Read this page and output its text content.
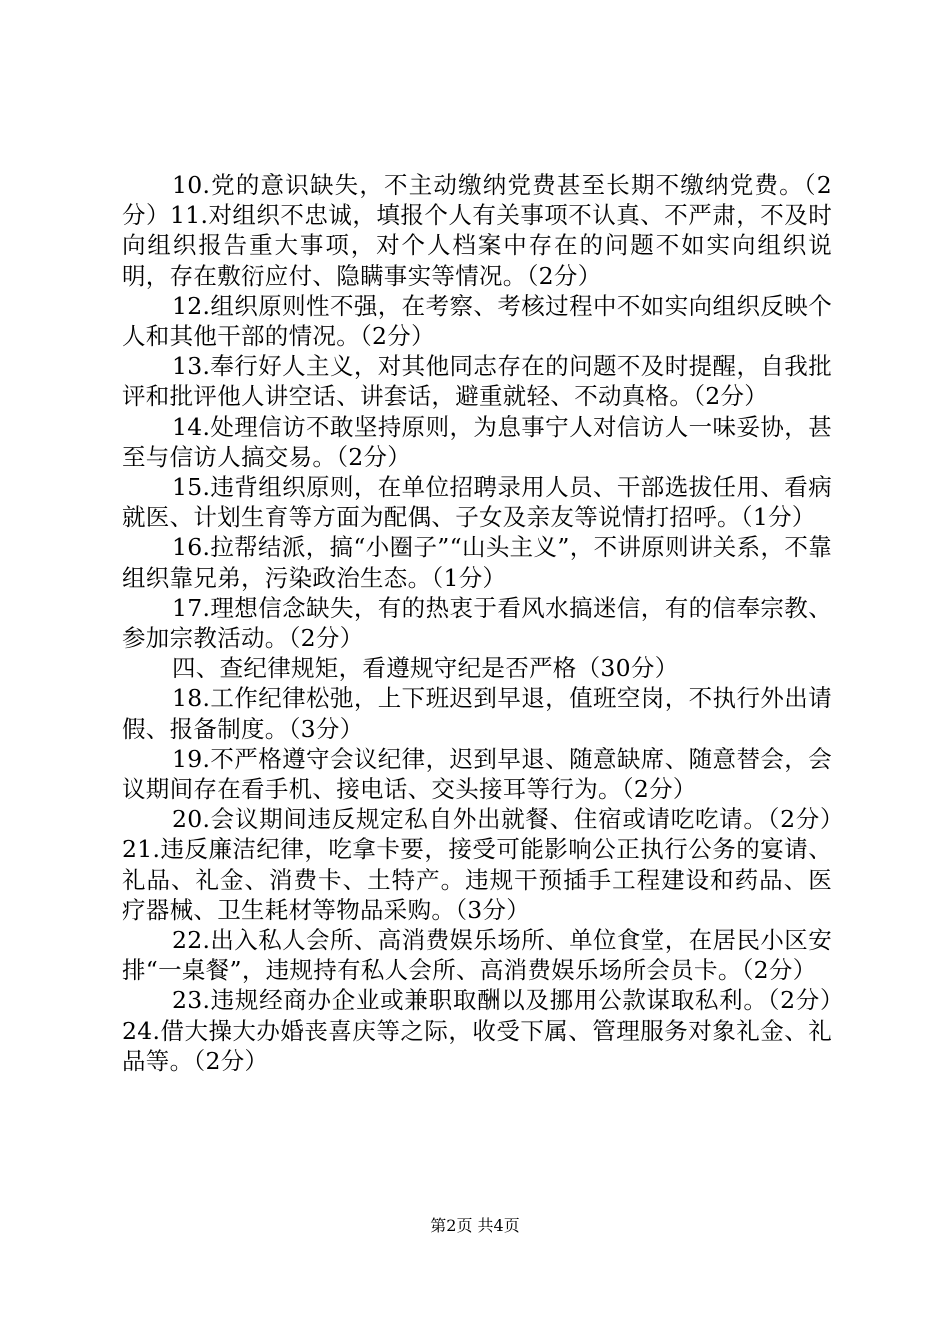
10.党的意识缺失，不主动缴纳党费甚至长期不缴纳党费。（2分）11.对组织不忠诚，填报个人有关事项不认真、不严肃，不及时向组织报告重大事项，对个人档案中存在的问题不如实向组织说明，存在敷衍应付、隐瞒事实等情况。（2分）

12.组织原则性不强，在考察、考核过程中不如实向组织反映个人和其他干部的情况。（2分）

13.奉行好人主义，对其他同志存在的问题不及时提醒，自我批评和批评他人讲空话、讲套话，避重就轻、不动真格。（2分）

14.处理信访不敢坚持原则，为息事宁人对信访人一味妥协，甚至与信访人搞交易。（2分）

15.违背组织原则，在单位招聘录用人员、干部选拔任用、看病就医、计划生育等方面为配偶、子女及亲友等说情打招呼。（1分）

16.拉帮结派，搞“小圈子”“山头主义”，不讲原则讲关系，不靠组织靠兄弟，污染政治生态。（1分）

17.理想信念缺失，有的热衷于看风水搞迷信，有的信奉宗教、参加宗教活动。（2分）

四、查纪律规矩，看遵规守纪是否严格（30分）

18.工作纪律松弛，上下班迟到早退，值班空岗，不执行外出请假、报备制度。（3分）

19.不严格遵守会议纪律，迟到早退、随意缺席、随意替会，会议期间存在看手机、接电话、交头接耳等行为。（2分）

20.会议期间违反规定私自外出就餐、住宿或请吃吃请。（2分）21.违反廉洁纪律，吃拿卡要，接受可能影响公正执行公务的宴请、礼品、礼金、消费卡、土特产。违规干预插手工程建设和药品、医疗器械、卫生耗材等物品采购。（3分）

22.出入私人会所、高消费娱乐场所、单位食堂，在居民小区安排“一桌餐”，违规持有私人会所、高消费娱乐场所会员卡。（2分）

23.违规经商办企业或兼职取酬以及挪用公款谋取私利。（2分）24.借大操大办婚丧喜庆等之际，收受下属、管理服务对象礼金、礼品等。（2分）

第2页 共4页
